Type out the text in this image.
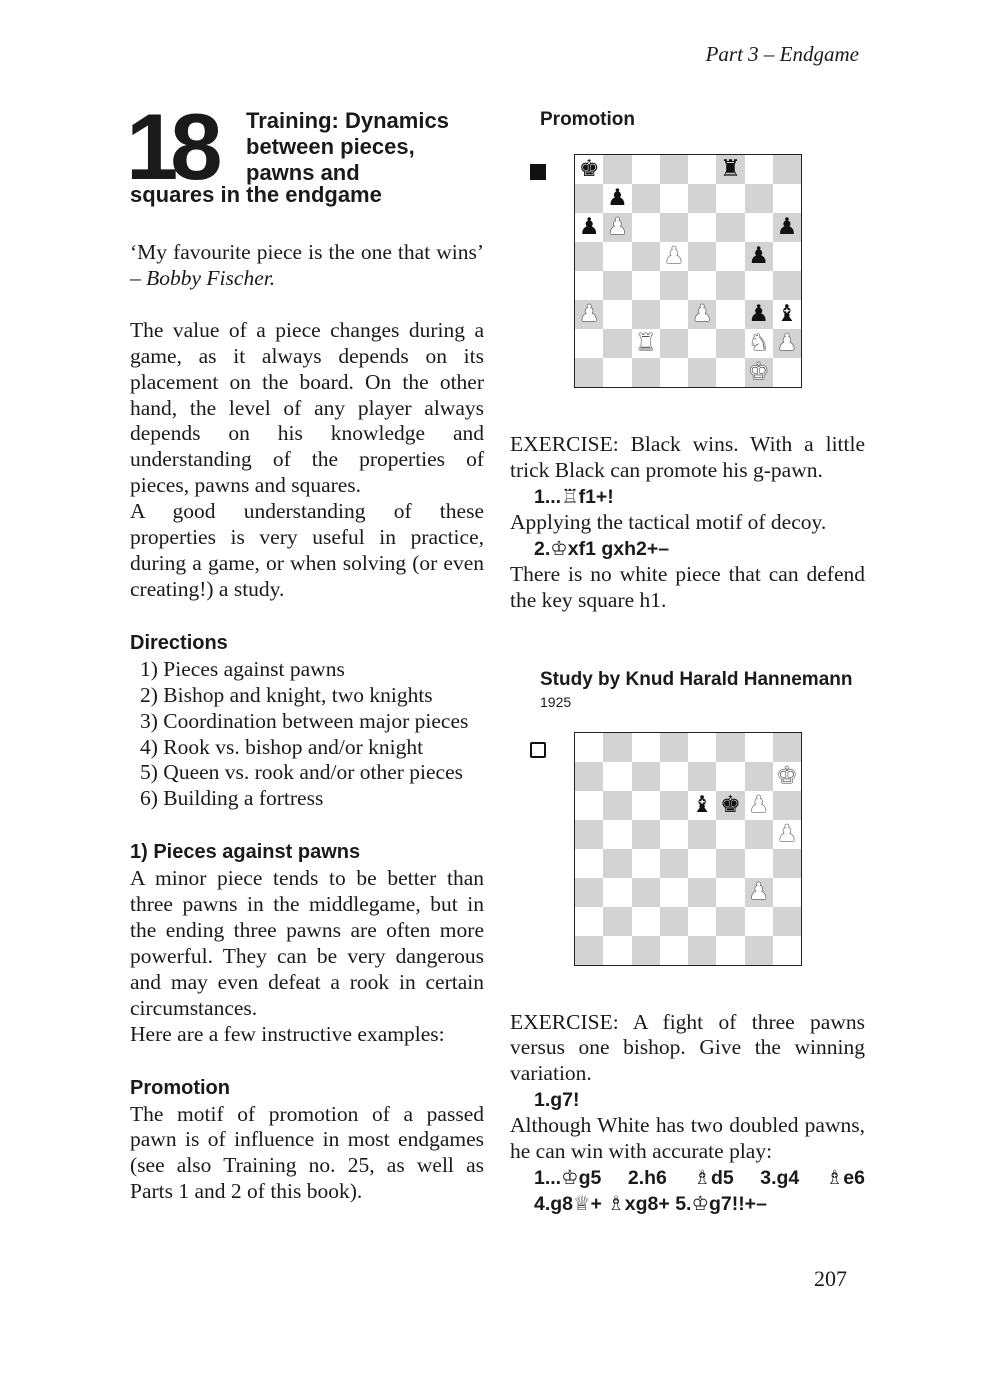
Part 3 – Endgame
18 Training: Dynamics between pieces, pawns and
squares in the endgame

‘My favourite piece is the one that wins’ – Bobby Fischer.

The value of a piece changes during a game, as it always depends on its placement on the board. On the other hand, the level of any player always depends on his knowledge and understanding of the properties of pieces, pawns and squares.

A good understanding of these properties is very useful in practice, during a game, or when solving (or even creating!) a study.

Directions
1) Pieces against pawns
2) Bishop and knight, two knights
3) Coordination between major pieces
4) Rook vs. bishop and/or knight
5) Queen vs. rook and/or other pieces
6) Building a fortress
1) Pieces against pawns

A minor piece tends to be better than three pawns in the middlegame, but in the ending three pawns are often more powerful. They can be very dangerous and may even defeat a rook in certain circumstances.

Here are a few instructive examples:

Promotion

The motif of promotion of a passed pawn is of influence in most endgames (see also Training no. 25, as well as Parts 1 and 2 of this book).

Promotion
♚	♜
♟
♟ ♟	♟
♟	♟
♟	♟ ♟ ♝
♜	♞ ♟
♚

EXERCISE: Black wins. With a little trick Black can promote his g-pawn.

1...♖f1+!

Applying the tactical motif of decoy.

2.♔xf1 gxh2+–

There is no white piece that can defend the key square h1.

Study by Knud Harald Hannemann
1925
♚
♝ ♚ ♟
♟
♟

EXERCISE: A fight of three pawns versus one bishop. Give the winning variation.

1.g7!

Although White has two doubled pawns, he can win with accurate play:

1...♔g5 2.h6 ♗d5 3.g4 ♗e6
4.g8♕+ ♗xg8+ 5.♔g7!!+–
207
